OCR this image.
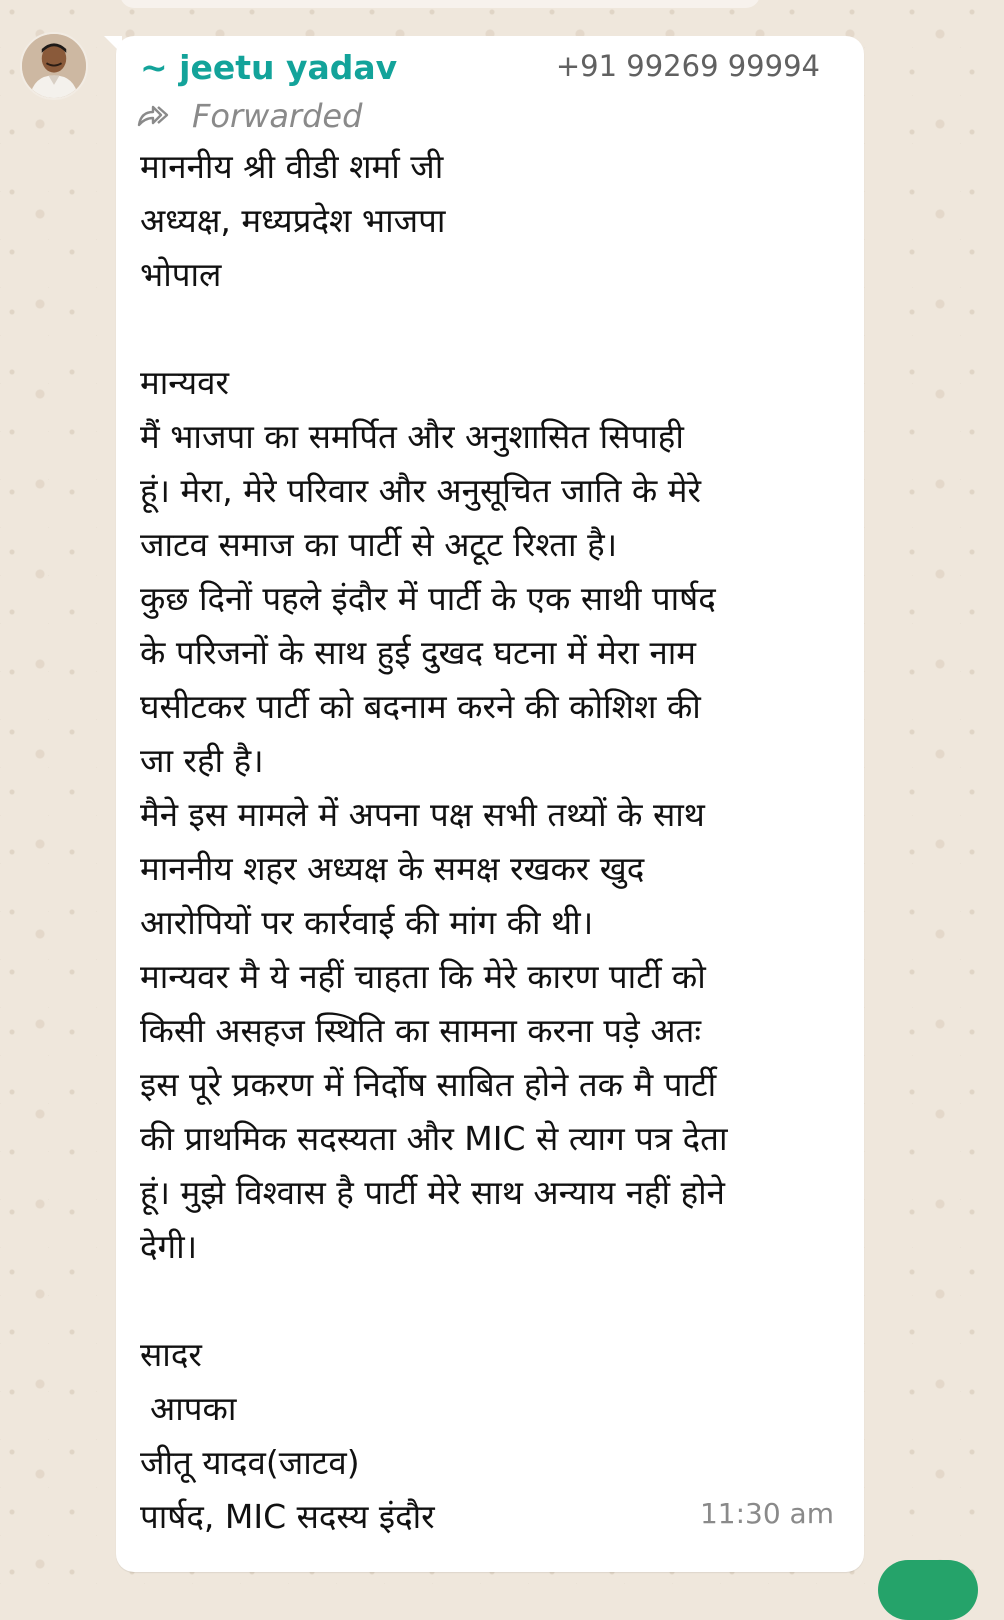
~ jeetu yadav	+91 99269 99994
Forwarded
माननीय श्री वीडी शर्मा जी
अध्यक्ष, मध्यप्रदेश भाजपा
भोपाल
मान्यवर
मैं भाजपा का समर्पित और अनुशासित सिपाही
हूं। मेरा, मेरे परिवार और अनुसूचित जाति के मेरे
जाटव समाज का पार्टी से अटूट रिश्ता है।
कुछ दिनों पहले इंदौर में पार्टी के एक साथी पार्षद
के परिजनों के साथ हुई दुखद घटना में मेरा नाम
घसीटकर पार्टी को बदनाम करने की कोशिश की
जा रही है।
मैने इस मामले में अपना पक्ष सभी तथ्यों के साथ
माननीय शहर अध्यक्ष के समक्ष रखकर खुद
आरोपियों पर कार्रवाई की मांग की थी।
मान्यवर मै ये नहीं चाहता कि मेरे कारण पार्टी को
किसी असहज स्थिति का सामना करना पड़े अतः
इस पूरे प्रकरण में निर्दोष साबित होने तक मै पार्टी
की प्राथमिक सदस्यता और MIC से त्याग पत्र देता
हूं। मुझे विश्वास है पार्टी मेरे साथ अन्याय नहीं होने
देगी।
सादर
आपका
जीतू यादव(जाटव)
पार्षद, MIC सदस्य इंदौर	11:30 am
